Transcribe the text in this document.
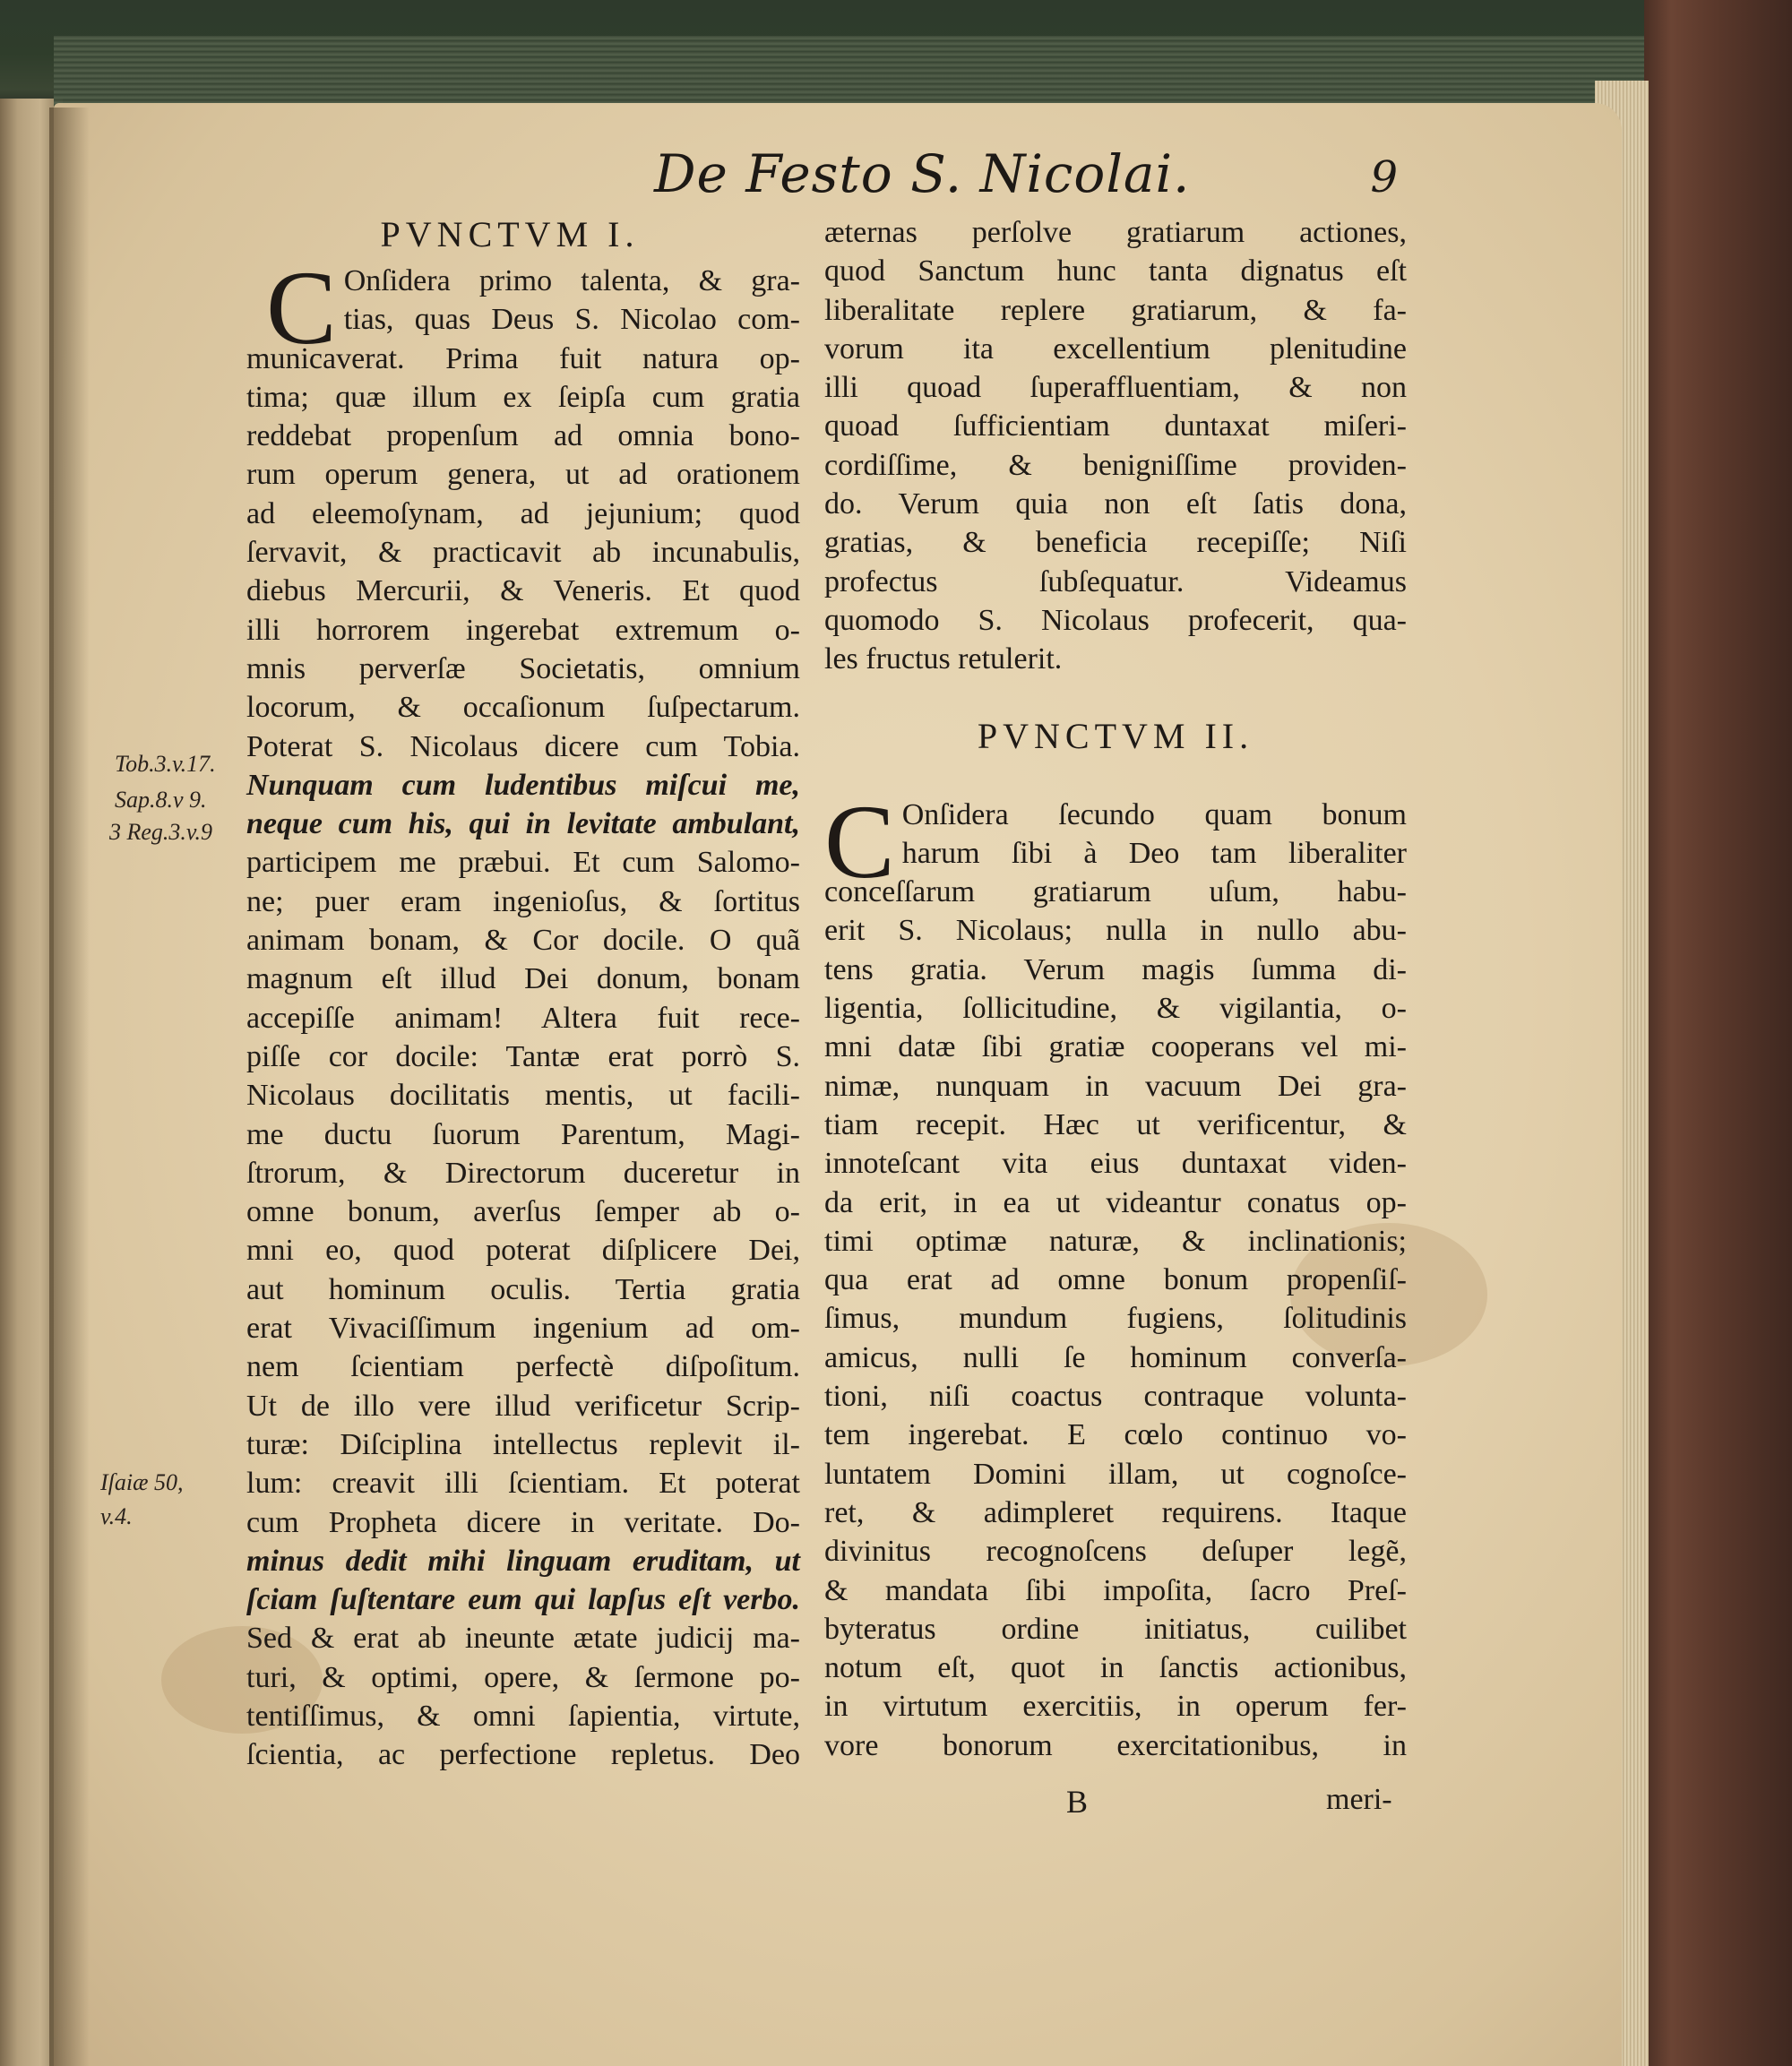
De Festo S. Nicolai.	9
PVNCTVM I.
C Onſidera primo talenta, & gra-
tias, quas Deus S. Nicolao com-
municaverat. Prima fuit natura op-
tima; quæ illum ex ſeipſa cum gratia
reddebat propenſum ad omnia bono-
rum operum genera, ut ad orationem
ad eleemoſynam, ad jejunium; quod
ſervavit, & practicavit ab incunabulis,
diebus Mercurii, & Veneris. Et quod
illi horrorem ingerebat extremum o-
mnis perverſæ Societatis, omnium
locorum, & occaſionum ſuſpectarum.
Poterat S. Nicolaus dicere cum Tobia.
Nunquam cum ludentibus miſcui me,
neque cum his, qui in levitate ambulant,
participem me præbui. Et cum Salomo-
ne; puer eram ingenioſus, & ſortitus
animam bonam, & Cor docile. O quã
magnum eſt illud Dei donum, bonam
accepiſſe animam! Altera fuit rece-
piſſe cor docile: Tantæ erat porrò S.
Nicolaus docilitatis mentis, ut facili-
me ductu ſuorum Parentum, Magi-
ſtrorum, & Directorum duceretur in
omne bonum, averſus ſemper ab o-
mni eo, quod poterat diſplicere Dei,
aut hominum oculis. Tertia gratia
erat Vivaciſſimum ingenium ad om-
nem ſcientiam perfectè diſpoſitum.
Ut de illo vere illud verificetur Scrip-
turæ: Diſciplina intellectus replevit il-
lum: creavit illi ſcientiam. Et poterat
cum Propheta dicere in veritate. Do-
minus dedit mihi linguam eruditam, ut
ſciam ſuſtentare eum qui lapſus eſt verbo.
Sed & erat ab ineunte ætate judicij ma-
turi, & optimi, opere, & ſermone po-
tentiſſimus, & omni ſapientia, virtute,
ſcientia, ac perfectione repletus. Deo
Tob.3.v.17.
Sap.8.v 9.
3 Reg.3.v.9
Iſaiæ 50,
v.4.
æternas perſolve gratiarum actiones,
quod Sanctum hunc tanta dignatus eſt
liberalitate replere gratiarum, & fa-
vorum ita excellentium plenitudine
illi quoad ſuperaffluentiam, & non
quoad ſufficientiam duntaxat miſeri-
cordiſſime, & benigniſſime providen-
do. Verum quia non eſt ſatis dona,
gratias, & beneficia recepiſſe; Niſi
profectus ſubſequatur. Videamus
quomodo S. Nicolaus profecerit, qua-
les fructus retulerit.
PVNCTVM II.
C Onſidera ſecundo quam bonum
harum ſibi à Deo tam liberaliter
conceſſarum gratiarum uſum, habu-
erit S. Nicolaus; nulla in nullo abu-
tens gratia. Verum magis ſumma di-
ligentia, ſollicitudine, & vigilantia, o-
mni datæ ſibi gratiæ cooperans vel mi-
nimæ, nunquam in vacuum Dei gra-
tiam recepit. Hæc ut verificentur, &
innoteſcant vita eius duntaxat viden-
da erit, in ea ut videantur conatus op-
timi optimæ naturæ, & inclinationis;
qua erat ad omne bonum propenſiſ-
ſimus, mundum fugiens, ſolitudinis
amicus, nulli ſe hominum converſa-
tioni, niſi coactus contraque volunta-
tem ingerebat. E cœlo continuo vo-
luntatem Domini illam, ut cognoſce-
ret, & adimpleret requirens. Itaque
divinitus recognoſcens deſuper legẽ,
& mandata ſibi impoſita, ſacro Preſ-
byteratus ordine initiatus, cuilibet
notum eſt, quot in ſanctis actionibus,
in virtutum exercitiis, in operum fer-
vore bonorum exercitationibus, in
B	meri-
